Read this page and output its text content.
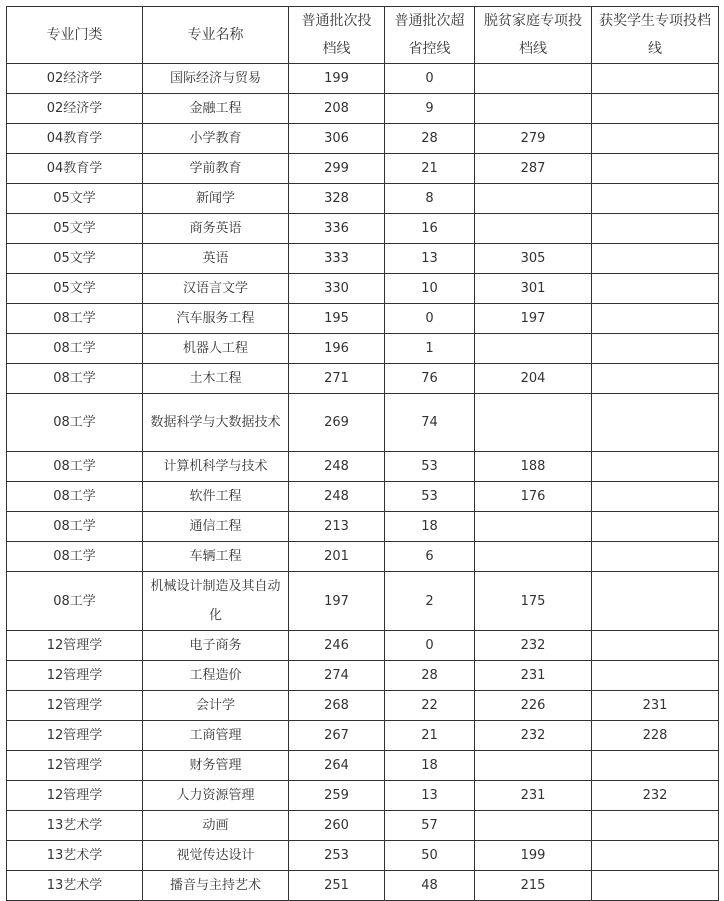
专业门类	专业名称	普通批次投档线	普通批次超省控线	脱贫家庭专项投档线	获奖学生专项投档线
02经济学	国际经济与贸易	199	0		
02经济学	金融工程	208	9		
04教育学	小学教育	306	28	279	
04教育学	学前教育	299	21	287	
05文学	新闻学	328	8		
05文学	商务英语	336	16		
05文学	英语	333	13	305	
05文学	汉语言文学	330	10	301	
08工学	汽车服务工程	195	0	197	
08工学	机器人工程	196	1		
08工学	土木工程	271	76	204	
08工学	数据科学与大数据技术	269	74		
08工学	计算机科学与技术	248	53	188	
08工学	软件工程	248	53	176	
08工学	通信工程	213	18		
08工学	车辆工程	201	6		
08工学	机械设计制造及其自动化	197	2	175	
12管理学	电子商务	246	0	232	
12管理学	工程造价	274	28	231	
12管理学	会计学	268	22	226	231
12管理学	工商管理	267	21	232	228
12管理学	财务管理	264	18		
12管理学	人力资源管理	259	13	231	232
13艺术学	动画	260	57		
13艺术学	视觉传达设计	253	50	199	
13艺术学	播音与主持艺术	251	48	215	
